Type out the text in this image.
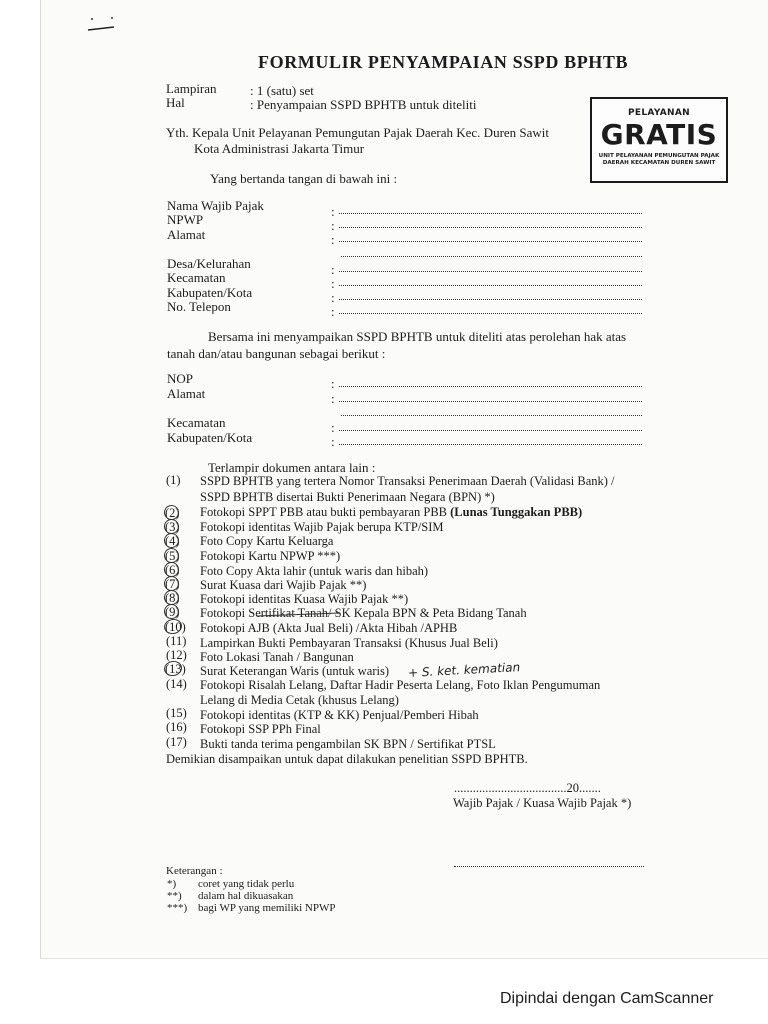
FORMULIR PENYAMPAIAN SSPD BPHTB
Lampiran	: 1 (satu) set
Hal	: Penyampaian SSPD BPHTB untuk diteliti
PELAYANAN
GRATIS
UNIT PELAYANAN PEMUNGUTAN PAJAK
DAERAH KECAMATAN DUREN SAWIT
Yth. Kepala Unit Pelayanan Pemungutan Pajak Daerah Kec. Duren Sawit
Kota Administrasi Jakarta Timur
Yang bertanda tangan di bawah ini :
Nama Wajib Pajak
NPWP
Alamat
Desa/Kelurahan
Kecamatan
Kabupaten/Kota
No. Telepon
:
:
:
:
:
:
:
Bersama ini menyampaikan SSPD BPHTB untuk diteliti atas perolehan hak atas
tanah dan/atau bangunan sebagai berikut :
NOP
Alamat
Kecamatan
Kabupaten/Kota
:
:
:
:
Terlampir dokumen antara lain :
(1) SSPD BPHTB yang tertera Nomor Transaksi Penerimaan Daerah (Validasi Bank) /
SSPD BPHTB disertai Bukti Penerimaan Negara (BPN) *)
(2) Fotokopi SPPT PBB atau bukti pembayaran PBB (Lunas Tunggakan PBB)
(3) Fotokopi identitas Wajib Pajak berupa KTP/SIM
(4) Foto Copy Kartu Keluarga
(5) Fotokopi Kartu NPWP ***)
(6) Foto Copy Akta lahir (untuk waris dan hibah)
(7) Surat Kuasa dari Wajib Pajak **)
(8) Fotokopi identitas Kuasa Wajib Pajak **)
(9) Fotokopi Sertifikat Tanah/ SK Kepala BPN & Peta Bidang Tanah
(10) Fotokopi AJB (Akta Jual Beli) /Akta Hibah /APHB
(11) Lampirkan Bukti Pembayaran Transaksi (Khusus Jual Beli)
(12) Foto Lokasi Tanah / Bangunan
(13) Surat Keterangan Waris (untuk waris) + S. ket. kematian
(14) Fotokopi Risalah Lelang, Daftar Hadir Peserta Lelang, Foto Iklan Pengumuman
Lelang di Media Cetak (khusus Lelang)
(15) Fotokopi identitas (KTP & KK) Penjual/Pemberi Hibah
(16) Fotokopi SSP PPh Final
(17) Bukti tanda terima pengambilan SK BPN / Sertifikat PTSL
Demikian disampaikan untuk dapat dilakukan penelitian SSPD BPHTB.
....................................20.......
Wajib Pajak / Kuasa Wajib Pajak *)
Keterangan :
*) coret yang tidak perlu
**) dalam hal dikuasakan
***) bagi WP yang memiliki NPWP
Dipindai dengan CamScanner
